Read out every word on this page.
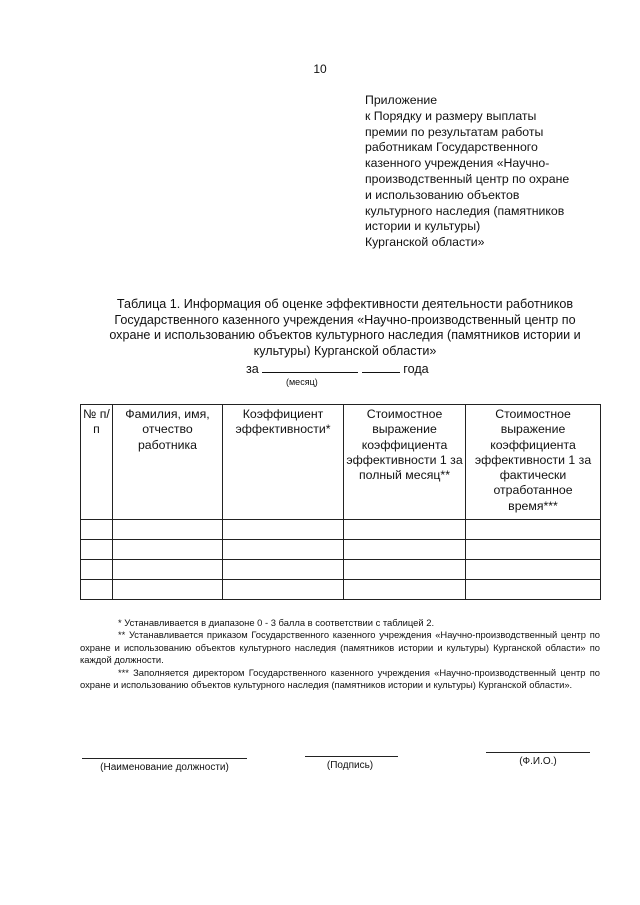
10
Приложение
к Порядку и размеру выплаты
премии по результатам работы
работникам Государственного
казенного учреждения «Научно-
производственный центр по охране
и использованию объектов
культурного наследия (памятников
истории и культуры)
Курганской области»
Таблица 1. Информация об оценке эффективности деятельности работников
Государственного казенного учреждения «Научно-производственный центр по
охране и использованию объектов культурного наследия (памятников истории и
культуры) Курганской области»
за	года
(месяц)
№ п/п	Фамилия, имя, отчество работника	Коэффициент эффективности*	Стоимостное выражение коэффициента эффективности 1 за полный месяц**	Стоимостное выражение коэффициента эффективности 1 за фактически отработанное время***

* Устанавливается в диапазоне 0 - 3 балла в соответствии с таблицей 2.

** Устанавливается приказом Государственного казенного учреждения «Научно-производственный центр по охране и использованию объектов культурного наследия (памятников истории и культуры) Курганской области» по каждой должности.

*** Заполняется директором Государственного казенного учреждения «Научно-производственный центр по охране и использованию объектов культурного наследия (памятников истории и культуры) Курганской области».

(Наименование должности)	(Подпись)	(Ф.И.О.)
